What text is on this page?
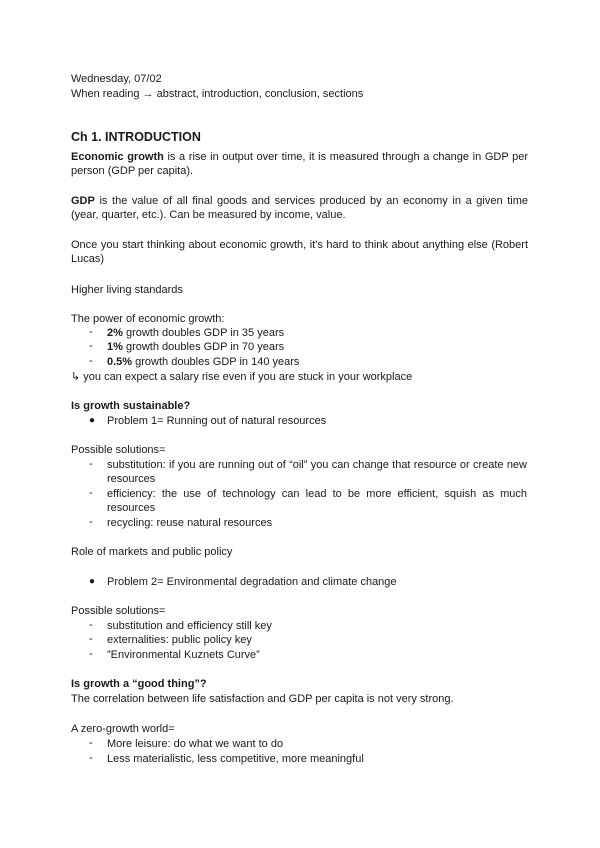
Wednesday, 07/02
When reading → abstract, introduction, conclusion, sections
Ch 1. INTRODUCTION
Economic growth is a rise in output over time, it is measured through a change in GDP per person (GDP per capita).
GDP is the value of all final goods and services produced by an economy in a given time (year, quarter, etc.). Can be measured by income, value.
Once you start thinking about economic growth, it's hard to think about anything else (Robert Lucas)
Higher living standards
The power of economic growth:
- 2% growth doubles GDP in 35 years
- 1% growth doubles GDP in 70 years
- 0.5% growth doubles GDP in 140 years
↳ you can expect a salary rise even if you are stuck in your workplace
Is growth sustainable?
● Problem 1= Running out of natural resources
Possible solutions=
- substitution: if you are running out of “oil” you can change that resource or create new resources
- efficiency: the use of technology can lead to be more efficient, squish as much resources
- recycling: reuse natural resources
Role of markets and public policy
● Problem 2= Environmental degradation and climate change
Possible solutions=
- substitution and efficiency still key
- externalities: public policy key
- ”Environmental Kuznets Curve”
Is growth a “good thing”?
The correlation between life satisfaction and GDP per capita is not very strong.
A zero-growth world=
- More leisure: do what we want to do
- Less materialistic, less competitive, more meaningful
